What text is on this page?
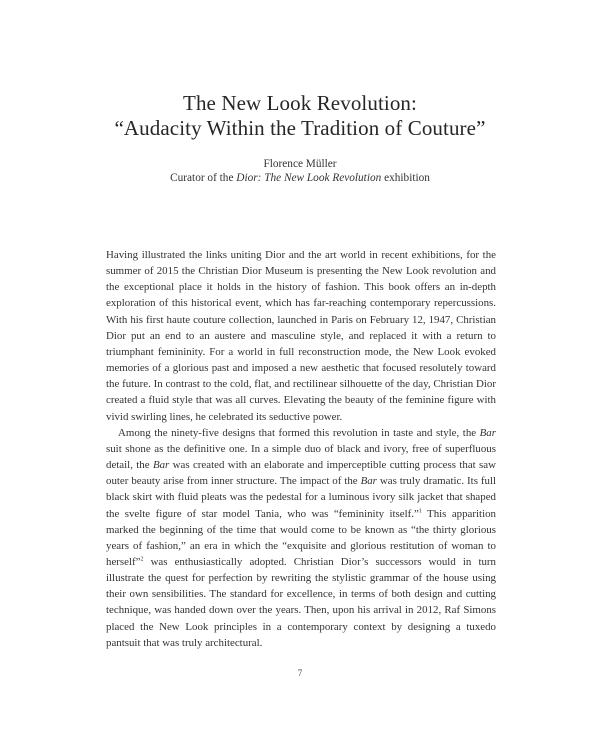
The New Look Revolution:
“Audacity Within the Tradition of Couture”

Florence Müller

Curator of the Dior: The New Look Revolution exhibition

Having illustrated the links uniting Dior and the art world in recent exhibitions, for the summer of 2015 the Christian Dior Museum is presenting the New Look revolution and the exceptional place it holds in the history of fashion. This book offers an in-depth exploration of this historical event, which has far-reaching contemporary repercussions. With his first haute couture collection, launched in Paris on February 12, 1947, Christian Dior put an end to an austere and masculine style, and replaced it with a return to triumphant femininity. For a world in full reconstruction mode, the New Look evoked memories of a glorious past and imposed a new aesthetic that focused resolutely toward the future. In contrast to the cold, flat, and rectilinear silhouette of the day, Christian Dior created a fluid style that was all curves. Elevating the beauty of the feminine figure with vivid swirling lines, he celebrated its seductive power.

Among the ninety-five designs that formed this revolution in taste and style, the Bar suit shone as the definitive one. In a simple duo of black and ivory, free of superfluous detail, the Bar was created with an elaborate and imperceptible cutting process that saw outer beauty arise from inner structure. The impact of the Bar was truly dramatic. Its full black skirt with fluid pleats was the pedestal for a luminous ivory silk jacket that shaped the svelte figure of star model Tania, who was “femininity itself.”$^1$ This apparition marked the beginning of the time that would come to be known as “the thirty glorious years of fashion,” an era in which the “exquisite and glorious restitution of woman to herself”$^2$ was enthusiastically adopted. Christian Dior’s successors would in turn illustrate the quest for perfection by rewriting the stylistic grammar of the house using their own sensibilities. The standard for excellence, in terms of both design and cutting technique, was handed down over the years. Then, upon his arrival in 2012, Raf Simons placed the New Look principles in a contemporary context by designing a tuxedo pantsuit that was truly architectural.

7
